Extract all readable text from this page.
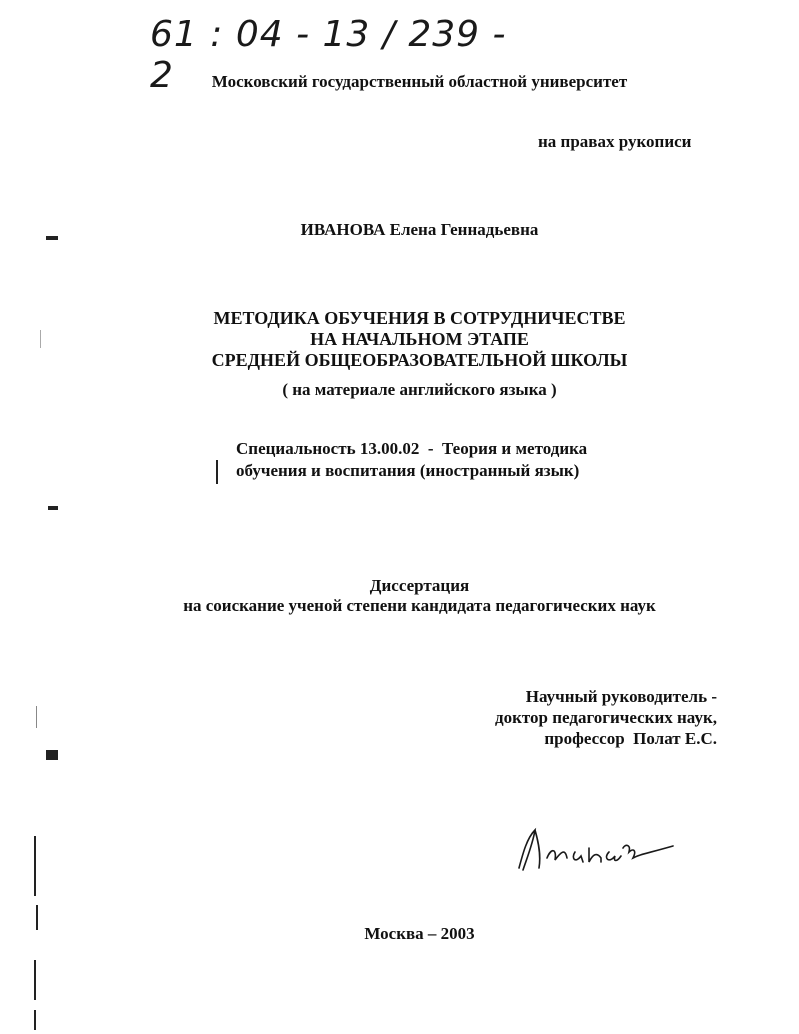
61 : 04 - 13 / 239 - 2	Московский государственный областной университет
на правах рукописи
ИВАНОВА Елена Геннадьевна
МЕТОДИКА ОБУЧЕНИЯ В СОТРУДНИЧЕСТВЕ
НА НАЧАЛЬНОМ ЭТАПЕ
СРЕДНЕЙ ОБЩЕОБРАЗОВАТЕЛЬНОЙ ШКОЛЫ
( на материале английского языка )
Специальность 13.00.02  -  Теория и методика
обучения и воспитания (иностранный язык)
Диссертация
на соискание ученой степени кандидата педагогических наук
Научный руководитель -
доктор педагогических наук,
профессор  Полат Е.С.
Москва – 2003
